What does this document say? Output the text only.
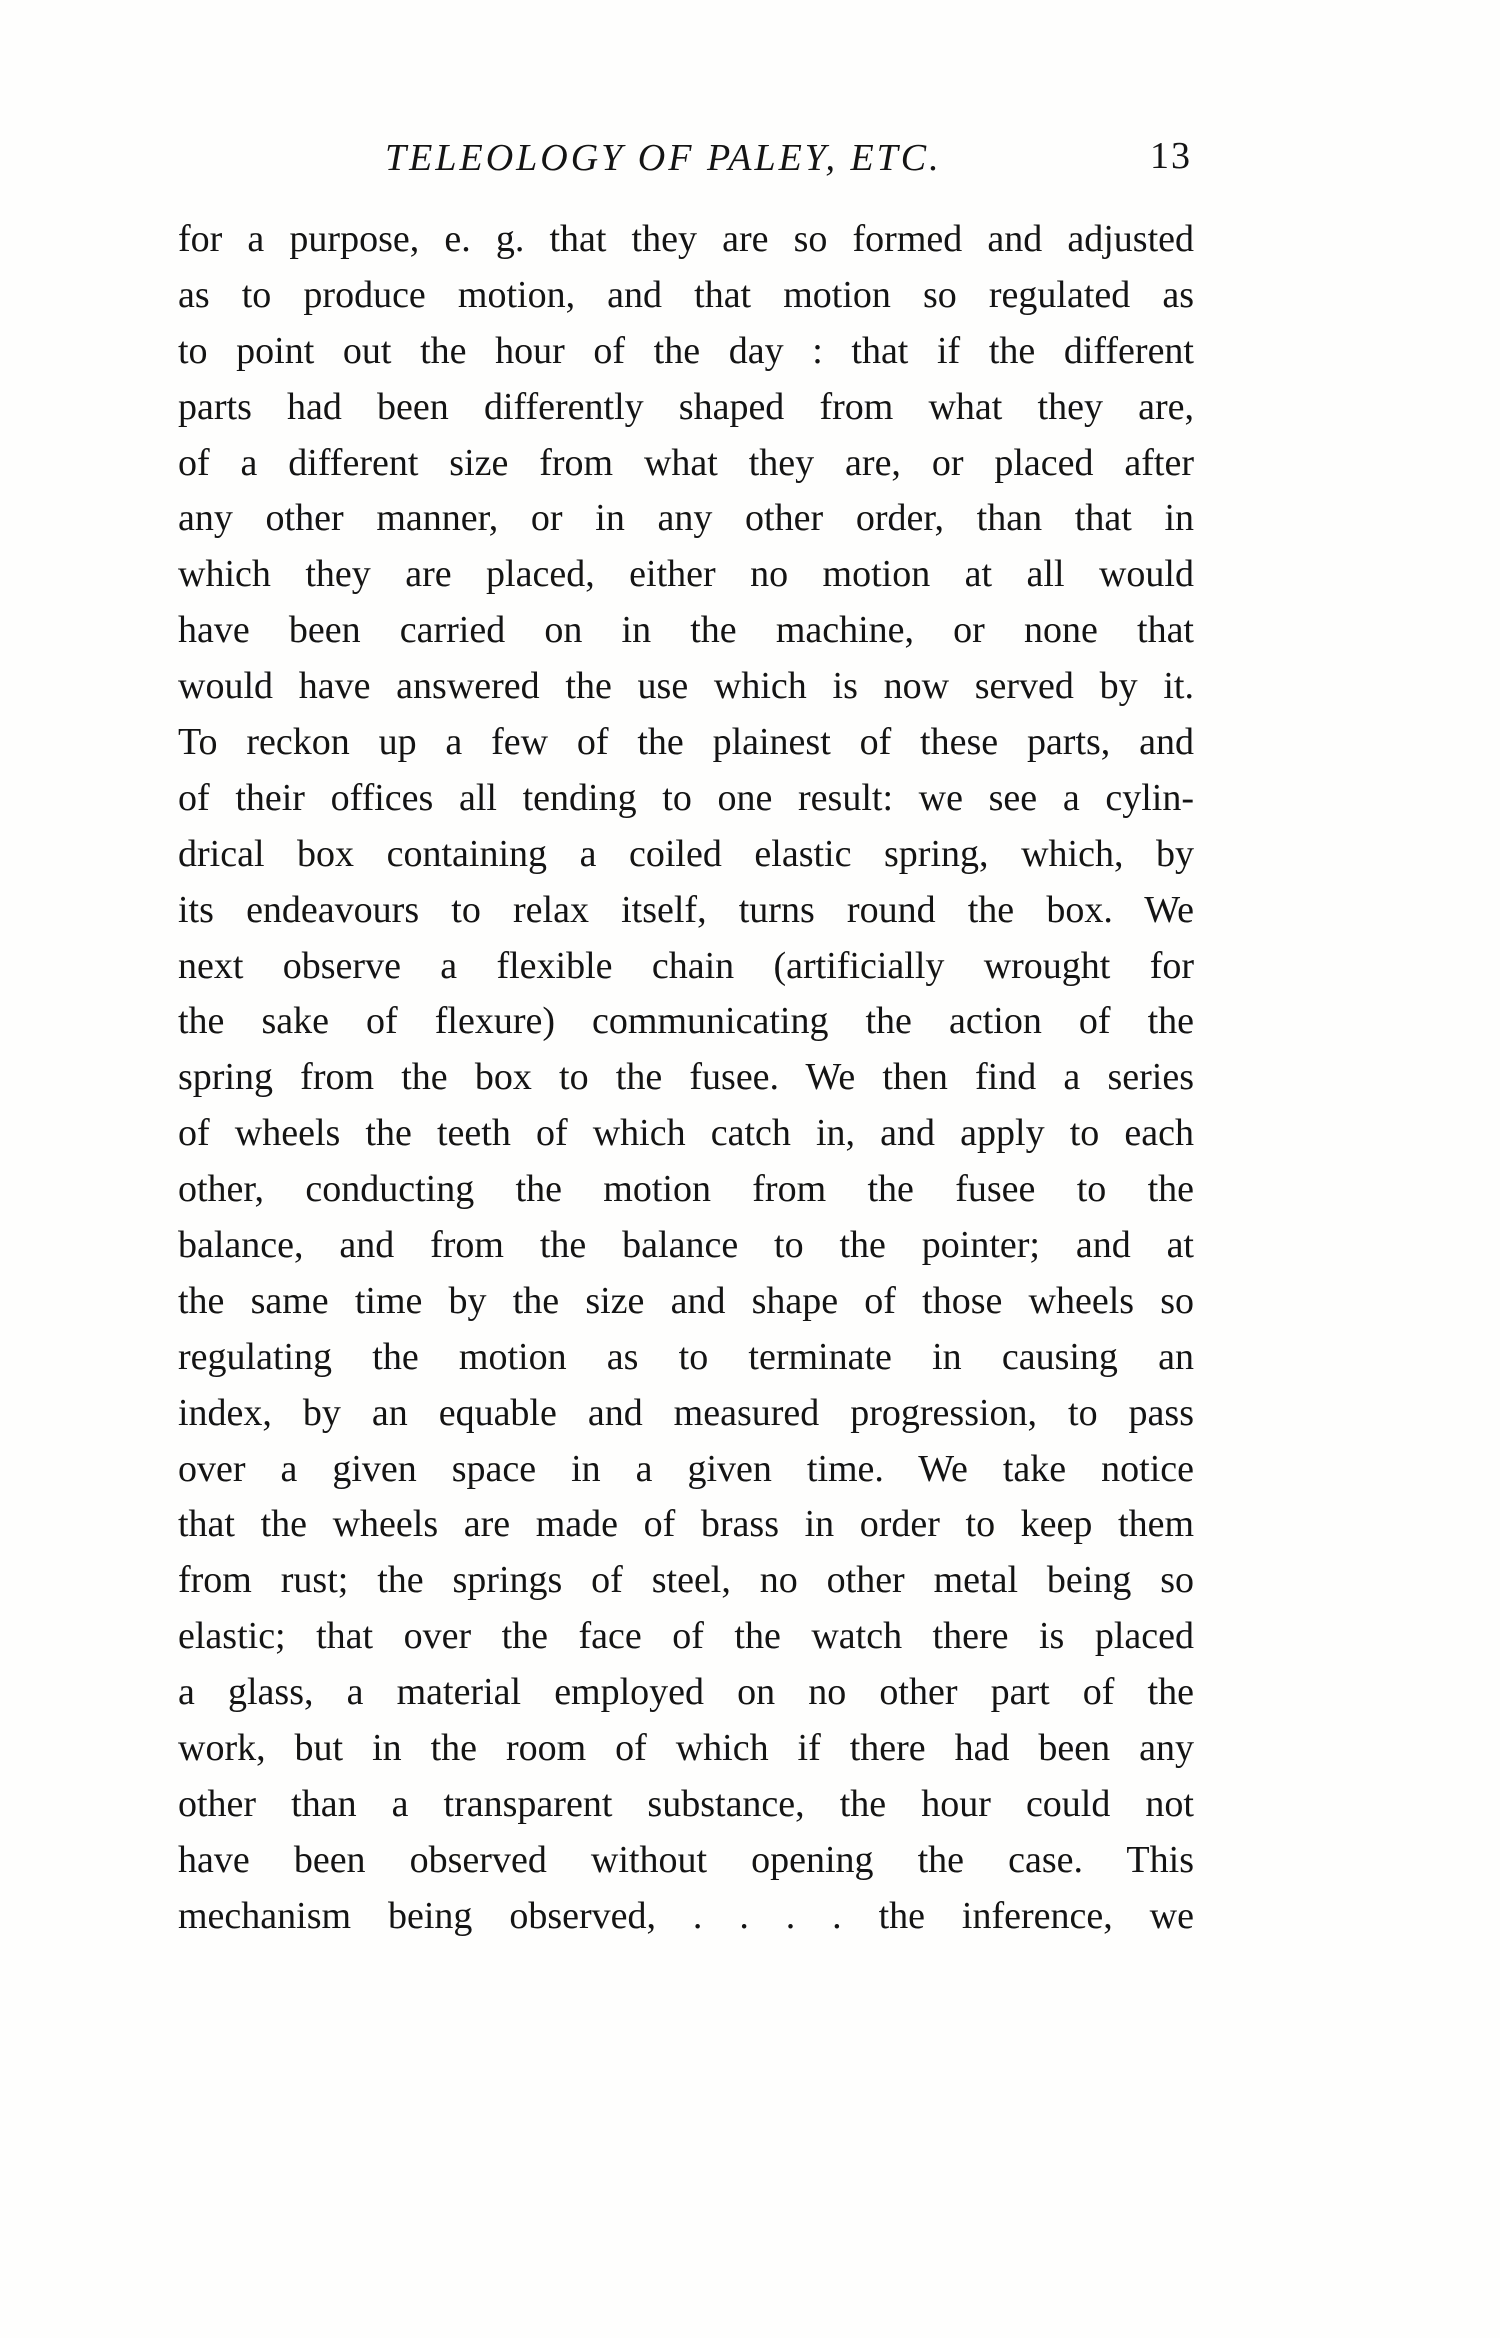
TELEOLOGY OF PALEY, ETC.	13
for a purpose, e. g. that they are so formed and adjusted
as to produce motion, and that motion so regulated as
to point out the hour of the day : that if the different
parts had been differently shaped from what they are,
of a different size from what they are, or placed after
any other manner, or in any other order, than that in
which they are placed, either no motion at all would
have been carried on in the machine, or none that
would have answered the use which is now served by it.
To reckon up a few of the plainest of these parts, and
of their offices all tending to one result: we see a cylin-
drical box containing a coiled elastic spring, which, by
its endeavours to relax itself, turns round the box. We
next observe a flexible chain (artificially wrought for
the sake of flexure) communicating the action of the
spring from the box to the fusee. We then find a series
of wheels the teeth of which catch in, and apply to each
other, conducting the motion from the fusee to the
balance, and from the balance to the pointer; and at
the same time by the size and shape of those wheels so
regulating the motion as to terminate in causing an
index, by an equable and measured progression, to pass
over a given space in a given time. We take notice
that the wheels are made of brass in order to keep them
from rust; the springs of steel, no other metal being so
elastic; that over the face of the watch there is placed
a glass, a material employed on no other part of the
work, but in the room of which if there had been any
other than a transparent substance, the hour could not
have been observed without opening the case. This
mechanism being observed, . . . . the inference, we
